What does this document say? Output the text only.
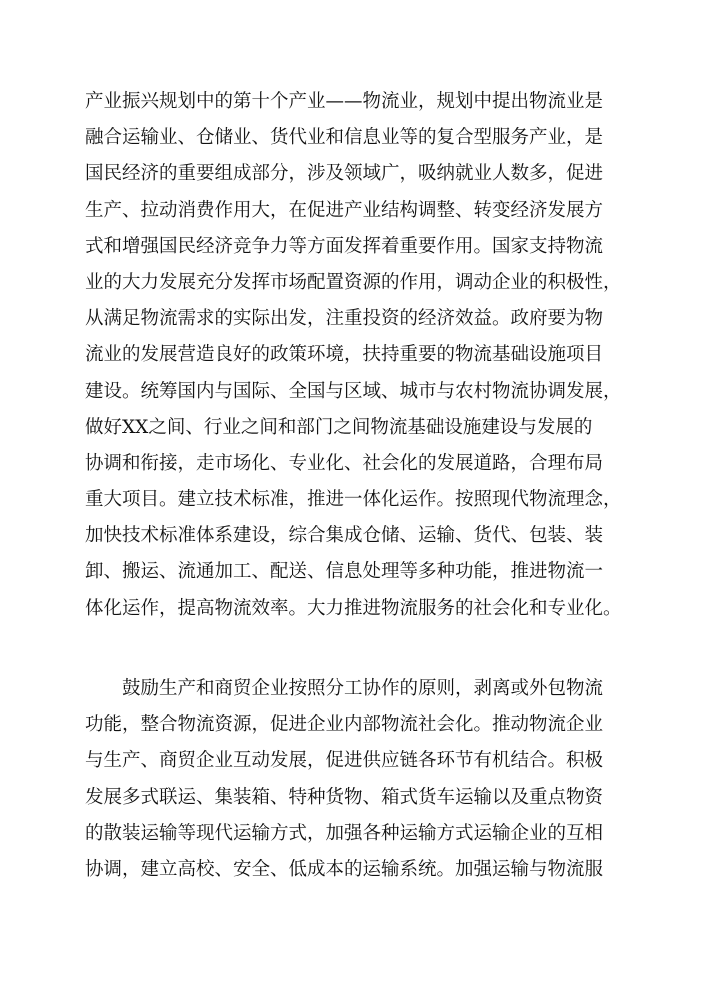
产业振兴规划中的第十个产业——物流业，规划中提出物流业是
融合运输业、仓储业、货代业和信息业等的复合型服务产业，是
国民经济的重要组成部分，涉及领域广，吸纳就业人数多，促进
生产、拉动消费作用大，在促进产业结构调整、转变经济发展方
式和增强国民经济竞争力等方面发挥着重要作用。国家支持物流
业的大力发展充分发挥市场配置资源的作用，调动企业的积极性，
从满足物流需求的实际出发，注重投资的经济效益。政府要为物
流业的发展营造良好的政策环境，扶持重要的物流基础设施项目
建设。统筹国内与国际、全国与区域、城市与农村物流协调发展，
做好XX之间、行业之间和部门之间物流基础设施建设与发展的
协调和衔接，走市场化、专业化、社会化的发展道路，合理布局
重大项目。建立技术标准，推进一体化运作。按照现代物流理念，
加快技术标准体系建设，综合集成仓储、运输、货代、包装、装
卸、搬运、流通加工、配送、信息处理等多种功能，推进物流一
体化运作，提高物流效率。大力推进物流服务的社会化和专业化。
鼓励生产和商贸企业按照分工协作的原则，剥离或外包物流
功能，整合物流资源，促进企业内部物流社会化。推动物流企业
与生产、商贸企业互动发展，促进供应链各环节有机结合。积极
发展多式联运、集装箱、特种货物、箱式货车运输以及重点物资
的散装运输等现代运输方式，加强各种运输方式运输企业的互相
协调，建立高校、安全、低成本的运输系统。加强运输与物流服
